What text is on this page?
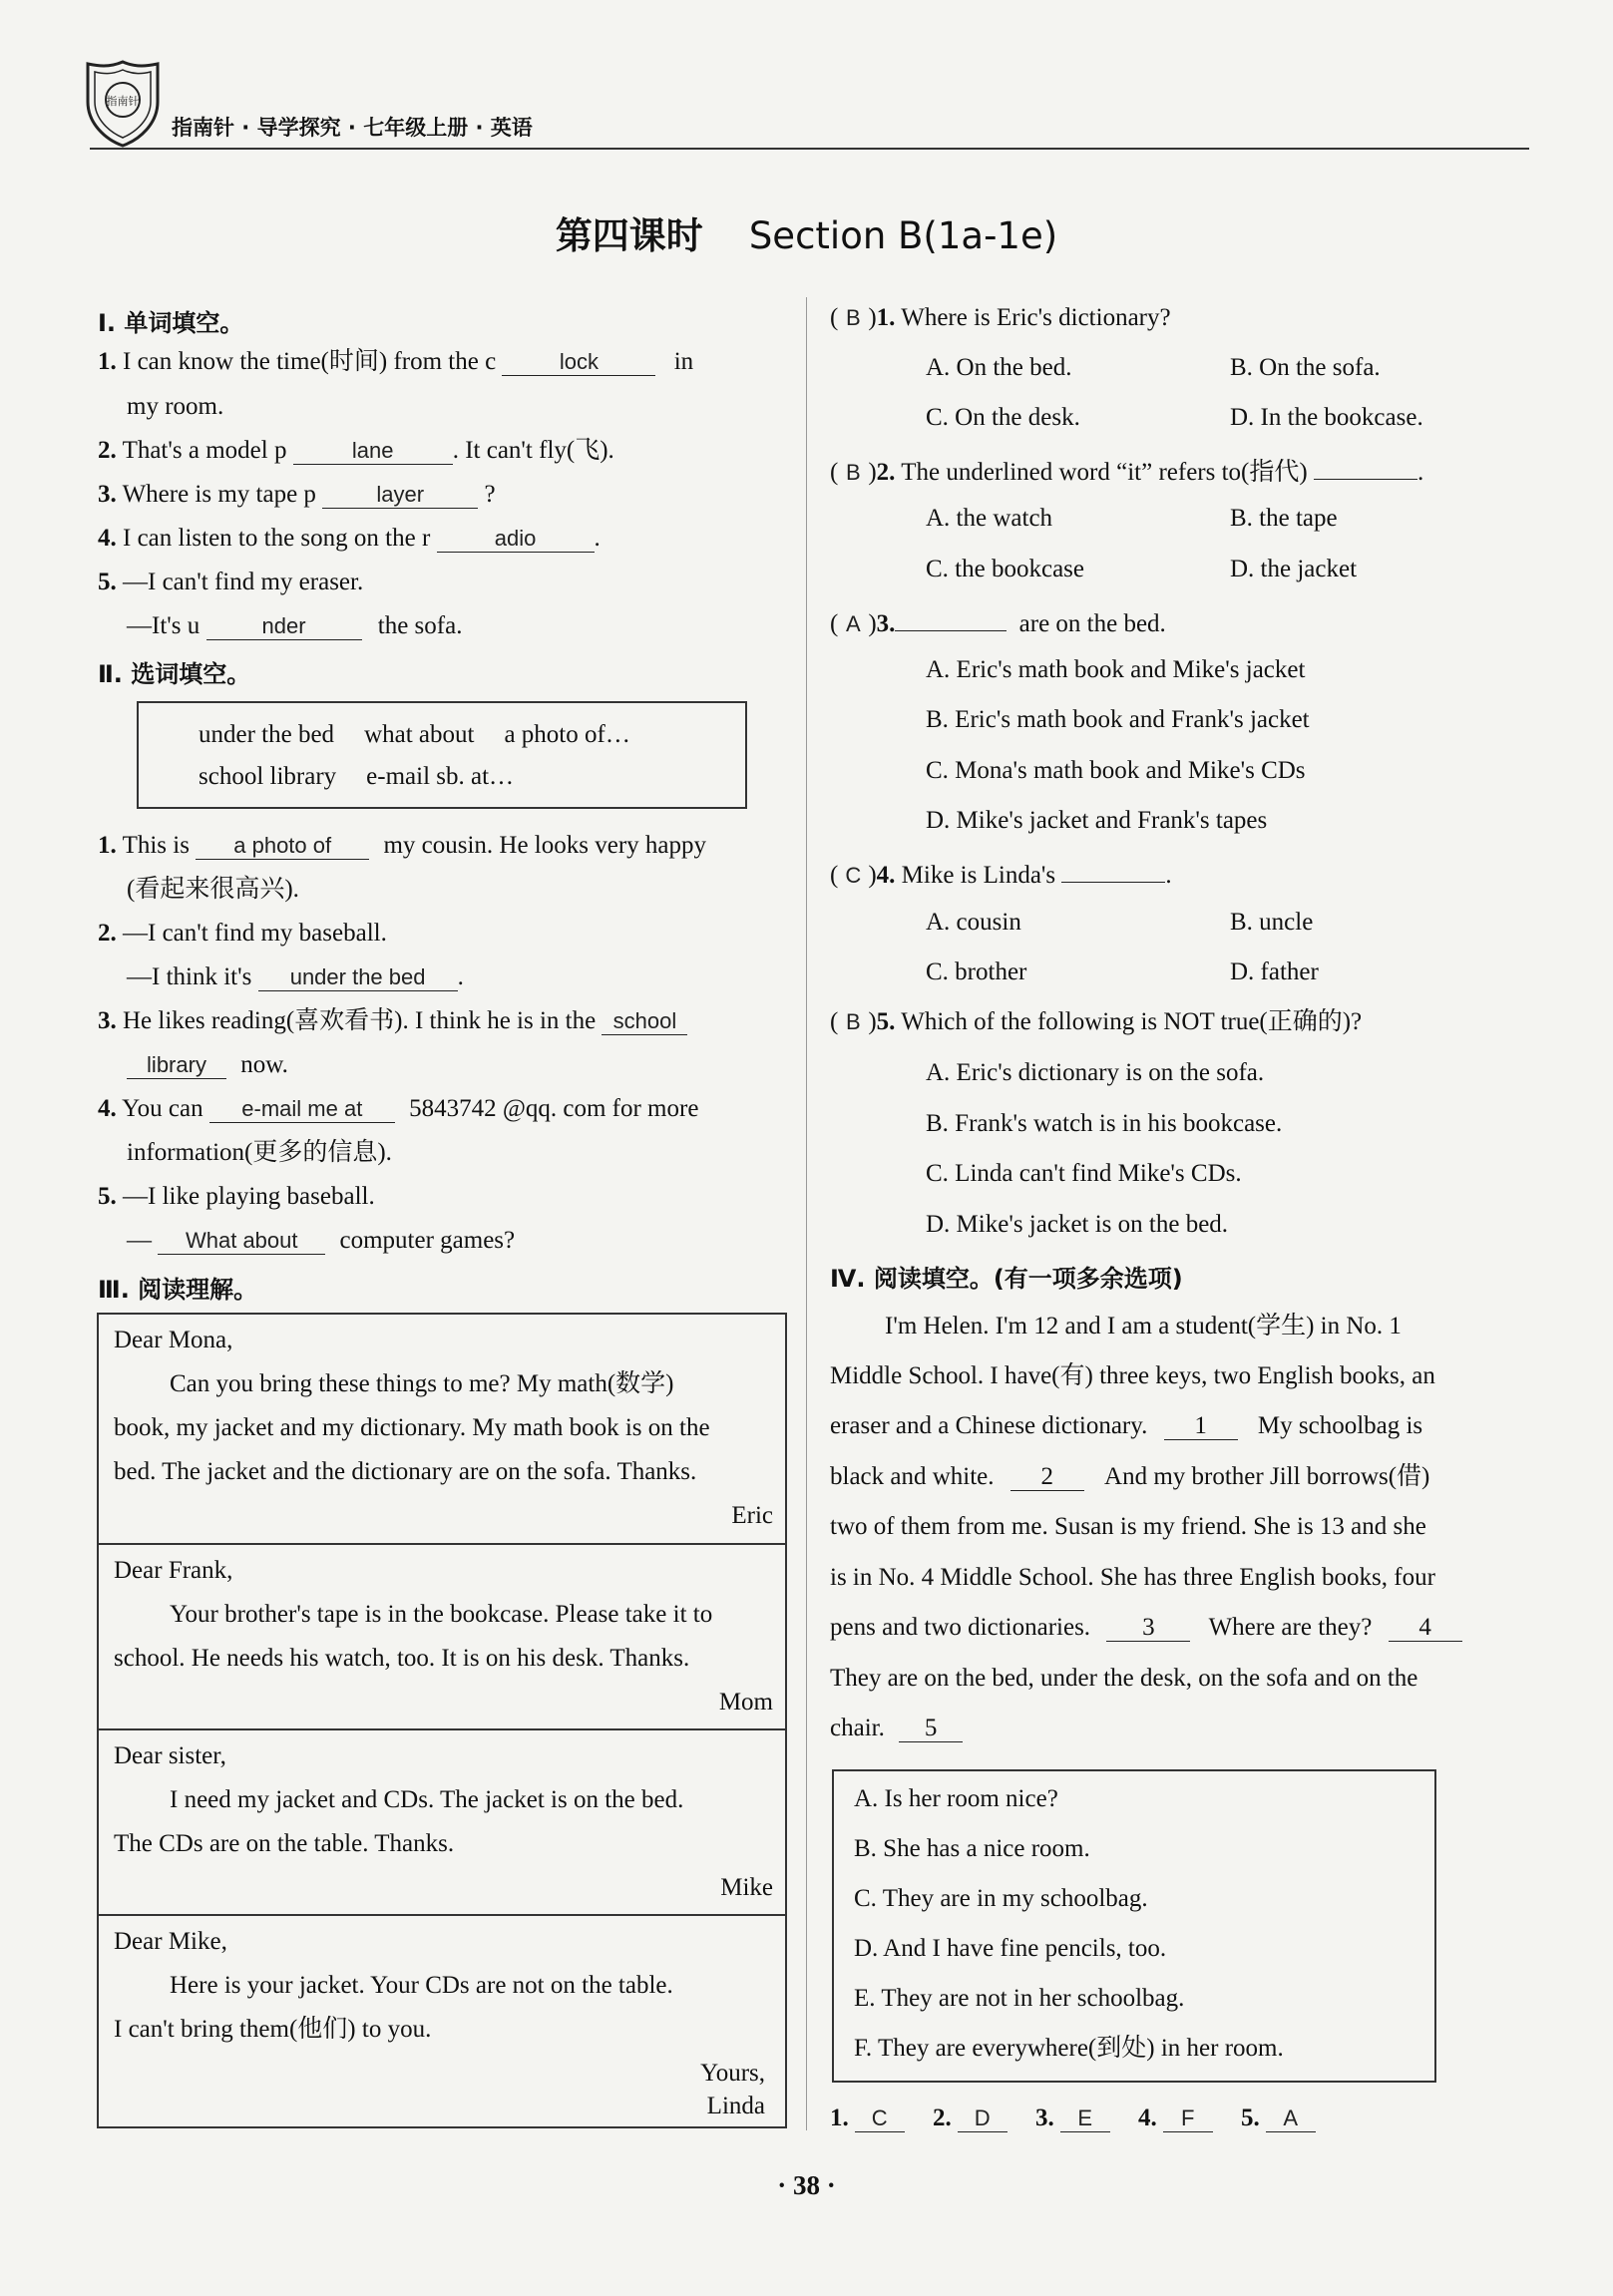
指南针
指南针 · 导学探究 · 七年级上册 · 英语
第四课时 Section B(1a-1e)
Ⅰ. 单词填空。
1. I can know the time(时间) from the c	lock	in
my room.
2. That's a model p	lane . It can't fly(飞).
3. Where is my tape p	layer ?
4. I can listen to the song on the r	adio .
5. —I can't find my eraser.
—It's u	nder	the sofa.
Ⅱ. 选词填空。
under the bed what about a photo of…
school library e-mail sb. at…
1. This is a photo of my cousin. He looks very happy
(看起来很高兴).
2. —I can't find my baseball.
—I think it's under the bed .
3. He likes reading(喜欢看书). I think he is in the school
library now.
4. You can e-mail me at 5843742 @qq. com for more
information(更多的信息).
5. —I like playing baseball.
— What about computer games?
Ⅲ. 阅读理解。
Dear Mona,
Can you bring these things to me? My math(数学)
book, my jacket and my dictionary. My math book is on the
bed. The jacket and the dictionary are on the sofa. Thanks.
Eric
Dear Frank,
Your brother's tape is in the bookcase. Please take it to
school. He needs his watch, too. It is on his desk. Thanks.
Mom
Dear sister,
I need my jacket and CDs. The jacket is on the bed.
The CDs are on the table. Thanks.
Mike
Dear Mike,
Here is your jacket. Your CDs are not on the table.
I can't bring them(他们) to you.
Yours,
Linda
( B )1. Where is Eric's dictionary?
A. On the bed.	B. On the sofa.
C. On the desk.	D. In the bookcase.
( B )2. The underlined word “it” refers to(指代)	.
A. the watch	B. the tape
C. the bookcase	D. the jacket
( A )3.	are on the bed.
A. Eric's math book and Mike's jacket
B. Eric's math book and Frank's jacket
C. Mona's math book and Mike's CDs
D. Mike's jacket and Frank's tapes
( C )4. Mike is Linda's	.
A. cousin	B. uncle
C. brother	D. father
( B )5. Which of the following is NOT true(正确的)?
A. Eric's dictionary is on the sofa.
B. Frank's watch is in his bookcase.
C. Linda can't find Mike's CDs.
D. Mike's jacket is on the bed.
Ⅳ. 阅读填空。(有一项多余选项)
I'm Helen. I'm 12 and I am a student(学生) in No. 1
Middle School. I have(有) three keys, two English books, an
eraser and a Chinese dictionary. 1 My schoolbag is
black and white. 2 And my brother Jill borrows(借)
two of them from me. Susan is my friend. She is 13 and she
is in No. 4 Middle School. She has three English books, four
pens and two dictionaries. 3 Where are they? 4
They are on the bed, under the desk, on the sofa and on the
chair. 5
A. Is her room nice?
B. She has a nice room.
C. They are in my schoolbag.
D. And I have fine pencils, too.
E. They are not in her schoolbag.
F. They are everywhere(到处) in her room.
1. C 2. D 3. E 4. F 5. A
· 38 ·
